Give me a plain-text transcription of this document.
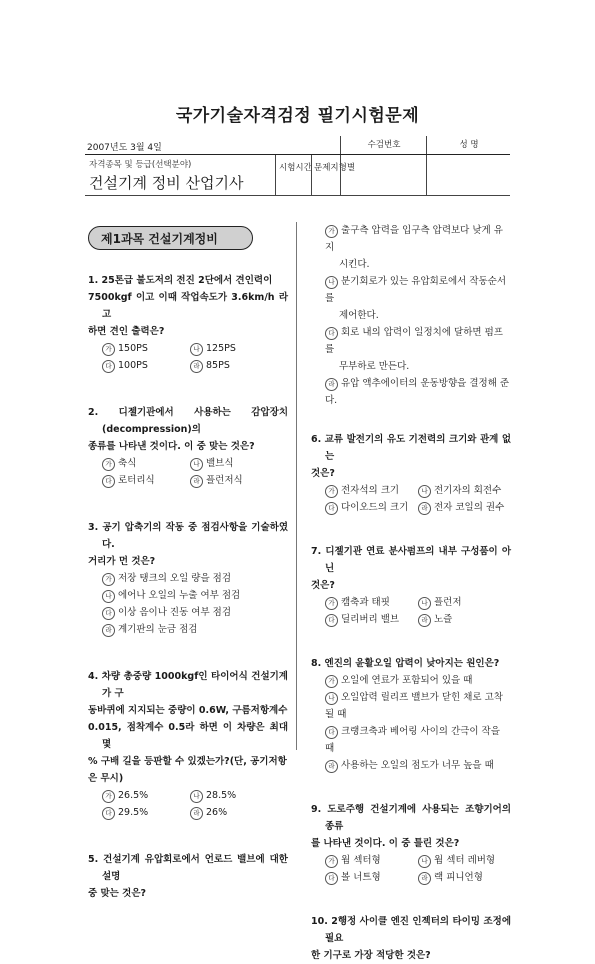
국가기술자격검정 필기시험문제
2007년도 3월 4일	수검번호	성 명
자격종목 및 등급(선택분야)
건설기계 정비 산업기사
시험시간 문제지형별
제1과목 건설기계정비
1. 25톤급 불도저의 전진 2단에서 견인력이
7500kgf 이고 이때 작업속도가 3.6km/h 라고
하면 견인 출력은?
가 150PS	나 125PS
다 100PS	라 85PS
2. 디젤기관에서 사용하는 감압장치(decompression)의
종류를 나타낸 것이다. 이 중 맞는 것은?
가 축식	나 밸브식
다 로터리식	라 플런저식
3. 공기 압축기의 작동 중 점검사항을 기술하였다.
거리가 먼 것은?
가 저장 탱크의 오일 량을 점검
나 에어나 오일의 누출 여부 점검
다 이상 음이나 진동 여부 점검
라 계기판의 눈금 점검
4. 차량 총중량 1000kgf인 타이어식 건설기계가 구
동바퀴에 지지되는 중량이 0.6W, 구름저항계수
0.015, 점착계수 0.5라 하면 이 차량은 최대 몇
% 구배 길을 등판할 수 있겠는가?(단, 공기저항
은 무시)
가 26.5%	나 28.5%
다 29.5%	라 26%
5. 건설기계 유압회로에서 언로드 밸브에 대한 설명
중 맞는 것은?
가 출구측 압력을 입구측 압력보다 낮게 유지
시킨다.
나 분기회로가 있는 유압회로에서 작동순서를
제어한다.
다 회로 내의 압력이 일정치에 달하면 펌프를
무부하로 만든다.
라 유압 액추에이터의 운동방향을 결정해 준다.
6. 교류 발전기의 유도 기전력의 크기와 관계 없는
것은?
가 전자석의 크기	나 전기자의 회전수
다 다이오드의 크기	라 전자 코일의 권수
7. 디젤기관 연료 분사펌프의 내부 구성품이 아닌
것은?
가 캠축과 태핏	나 플런저
다 딜리버리 밸브	라 노즐
8. 엔진의 윤활오일 압력이 낮아지는 원인은?
가 오일에 연료가 포함되어 있을 때
나 오일압력 릴리프 밸브가 닫힌 채로 고착될 때
다 크랭크축과 베어링 사이의 간극이 작을 때
라 사용하는 오일의 점도가 너무 높을 때
9. 도로주행 건설기계에 사용되는 조향기어의 종류
를 나타낸 것이다. 이 중 틀린 것은?
가 웜 섹터형	나 웜 섹터 레버형
다 볼 너트형	라 랙 피니언형
10. 2행정 사이클 엔진 인젝터의 타이밍 조정에 필요
한 기구로 가장 적당한 것은?
